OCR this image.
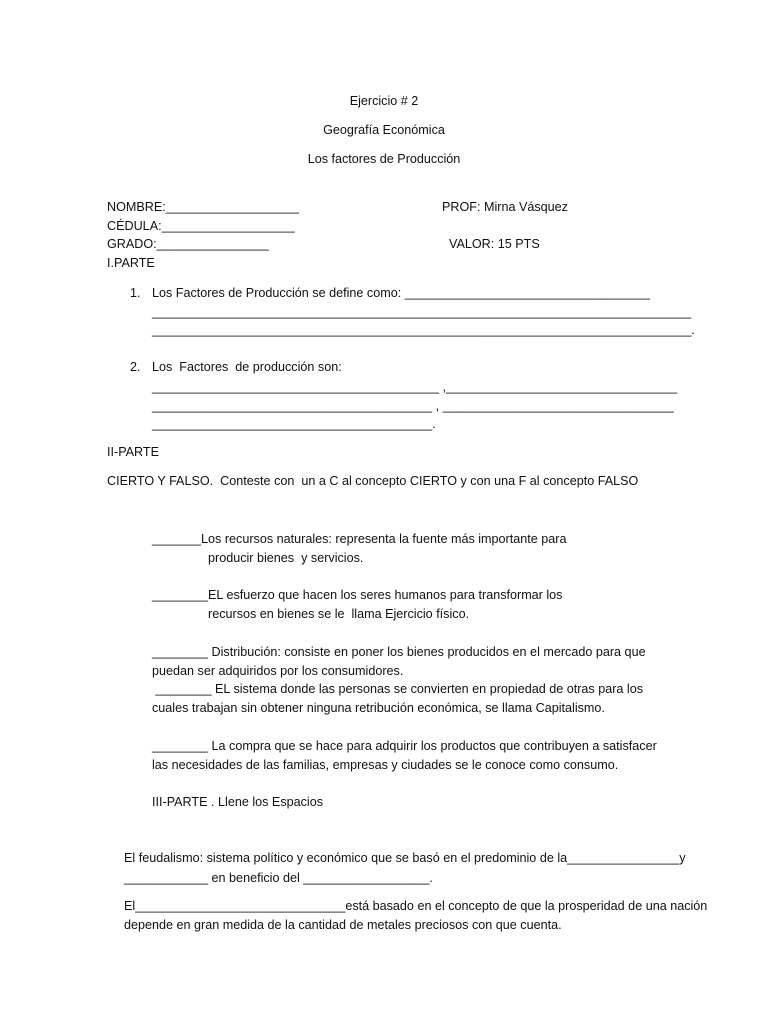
Ejercicio # 2
Geografía Económica
Los factores de Producción
NOMBRE:___________________	PROF: Mirna Vásquez
CÉDULA:___________________
GRADO:________________	VALOR: 15 PTS
I.PARTE
1. Los Factores de Producción se define como: ___________________________________
_____________________________________________________________________________
_____________________________________________________________________________.
2. Los  Factores  de producción son:
_________________________________________ ,_________________________________
________________________________________ , _________________________________
________________________________________.
II-PARTE
CIERTO Y FALSO.  Conteste con  un a C al concepto CIERTO y con una F al concepto FALSO
_______Los recursos naturales: representa la fuente más importante para
producir bienes  y servicios.
________EL esfuerzo que hacen los seres humanos para transformar los
recursos en bienes se le  llama Ejercicio físico.
________ Distribución: consiste en poner los bienes producidos en el mercado para que
puedan ser adquiridos por los consumidores.
________ EL sistema donde las personas se convierten en propiedad de otras para los
cuales trabajan sin obtener ninguna retribución económica, se llama Capitalismo.
________ La compra que se hace para adquirir los productos que contribuyen a satisfacer
las necesidades de las familias, empresas y ciudades se le conoce como consumo.
III-PARTE . Llene los Espacios
El feudalismo: sistema político y económico que se basó en el predominio de la________________y
____________ en beneficio del __________________.
El______________________________está basado en el concepto de que la prosperidad de una nación
depende en gran medida de la cantidad de metales preciosos con que cuenta.
